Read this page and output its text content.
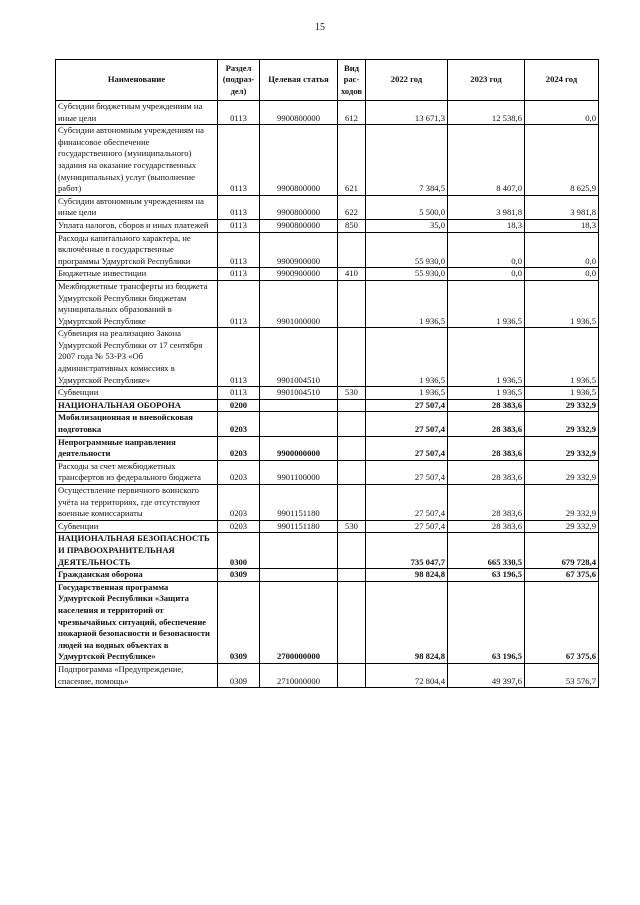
15
Наименование	Раздел (подраз-дел)	Целевая статья	Вид рас-ходов	2022 год	2023 год	2024 год
Субсидии бюджетным учреждениям на иные цели	0113	9900800000	612	13 671,3	12 538,6	0,0
Субсидии автономным учреждениям на финансовое обеспечение государственного (муниципального) задания на оказание государственных (муниципальных) услуг (выполнение работ)	0113	9900800000	621	7 384,5	8 407,0	8 625,9
Субсидии автономным учреждениям на иные цели	0113	9900800000	622	5 500,0	3 981,8	3 981,8
Уплата налогов, сборов и иных платежей	0113	9900800000	850	35,0	18,3	18,3
Расходы капитального характера, не включённые в государственные программы Удмуртской Республики	0113	9900900000		55 930,0	0,0	0,0
Бюджетные инвестиции	0113	9900900000	410	55 930,0	0,0	0,0
Межбюджетные трансферты из бюджета Удмуртской Республики бюджетам муниципальных образований в Удмуртской Республике	0113	9901000000		1 936,5	1 936,5	1 936,5
Субвенция на реализацию Закона Удмуртской Республики от 17 сентября 2007 года № 53-РЗ «Об административных комиссиях в Удмуртской Республике»	0113	9901004510		1 936,5	1 936,5	1 936,5
Субвенции	0113	9901004510	530	1 936,5	1 936,5	1 936,5
НАЦИОНАЛЬНАЯ ОБОРОНА	0200			27 507,4	28 383,6	29 332,9
Мобилизационная и вневойсковая подготовка	0203			27 507,4	28 383,6	29 332,9
Непрограммные направления деятельности	0203	9900000000		27 507,4	28 383,6	29 332,9
Расходы за счет межбюджетных трансфертов из федерального бюджета	0203	9901100000		27 507,4	28 383,6	29 332,9
Осуществление первичного воинского учёта на территориях, где отсутствуют военные комиссариаты	0203	9901151180		27 507,4	28 383,6	29 332,9
Субвенции	0203	9901151180	530	27 507,4	28 383,6	29 332,9
НАЦИОНАЛЬНАЯ БЕЗОПАСНОСТЬ И ПРАВООХРАНИТЕЛЬНАЯ ДЕЯТЕЛЬНОСТЬ	0300			735 047,7	665 330,5	679 728,4
Гражданская оборона	0309			98 824,8	63 196,5	67 375,6
Государственная программа Удмуртской Республики «Защита населения и территорий от чрезвычайных ситуаций, обеспечение пожарной безопасности и безопасности людей на водных объектах в Удмуртской Республике»	0309	2700000000		98 824,8	63 196,5	67 375,6
Подпрограмма «Предупреждение, спасение, помощь»	0309	2710000000		72 804,4	49 397,6	53 576,7
